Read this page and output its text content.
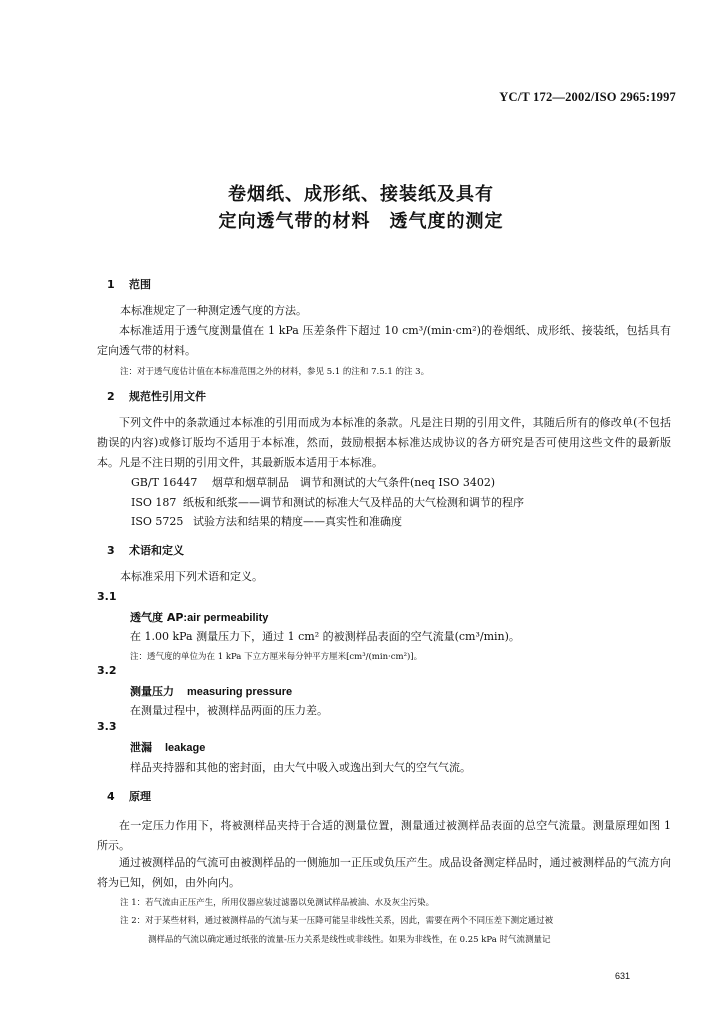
YC/T 172—2002/ISO 2965:1997
卷烟纸、成形纸、接装纸及具有
定向透气带的材料　透气度的测定
1 范围
本标准规定了一种测定透气度的方法。
本标准适用于透气度测量值在 1 kPa 压差条件下超过 10 cm³/(min·cm²)的卷烟纸、成形纸、接装纸，包括具有定向透气带的材料。
注：对于透气度估计值在本标准范围之外的材料，参见 5.1 的注和 7.5.1 的注 3。
2 规范性引用文件
下列文件中的条款通过本标准的引用而成为本标准的条款。凡是注日期的引用文件，其随后所有的修改单(不包括勘误的内容)或修订版均不适用于本标准，然而，鼓励根据本标准达成协议的各方研究是否可使用这些文件的最新版本。凡是不注日期的引用文件，其最新版本适用于本标准。
GB/T 16447　 烟草和烟草制品　调节和测试的大气条件(neq ISO 3402)
ISO 187 纸板和纸浆——调节和测试的标准大气及样品的大气检测和调节的程序
ISO 5725 试验方法和结果的精度——真实性和准确度
3 术语和定义
本标准采用下列术语和定义。
3.1
透气度 AP:air permeability
在 1.00 kPa 测量压力下，通过 1 cm² 的被测样品表面的空气流量(cm³/min)。
注：透气度的单位为在 1 kPa 下立方厘米每分钟平方厘米[cm³/(min·cm²)]。
3.2
测量压力　 measuring pressure
在测量过程中，被测样品两面的压力差。
3.3
泄漏　 leakage
样品夹持器和其他的密封面，由大气中吸入或逸出到大气的空气气流。
4 原理
在一定压力作用下，将被测样品夹持于合适的测量位置，测量通过被测样品表面的总空气流量。测量原理如图 1 所示。
通过被测样品的气流可由被测样品的一侧施加一正压或负压产生。成品设备测定样品时，通过被测样品的气流方向将为已知，例如，由外向内。
注 1：若气流由正压产生，所用仪器应装过滤器以免测试样品被油、水及灰尘污染。
注 2：对于某些材料，通过被测样品的气流与某一压降可能呈非线性关系，因此，需要在两个不同压差下测定通过被
测样品的气流以确定通过纸张的流量-压力关系是线性或非线性。如果为非线性，在 0.25 kPa 时气流测量记
631
